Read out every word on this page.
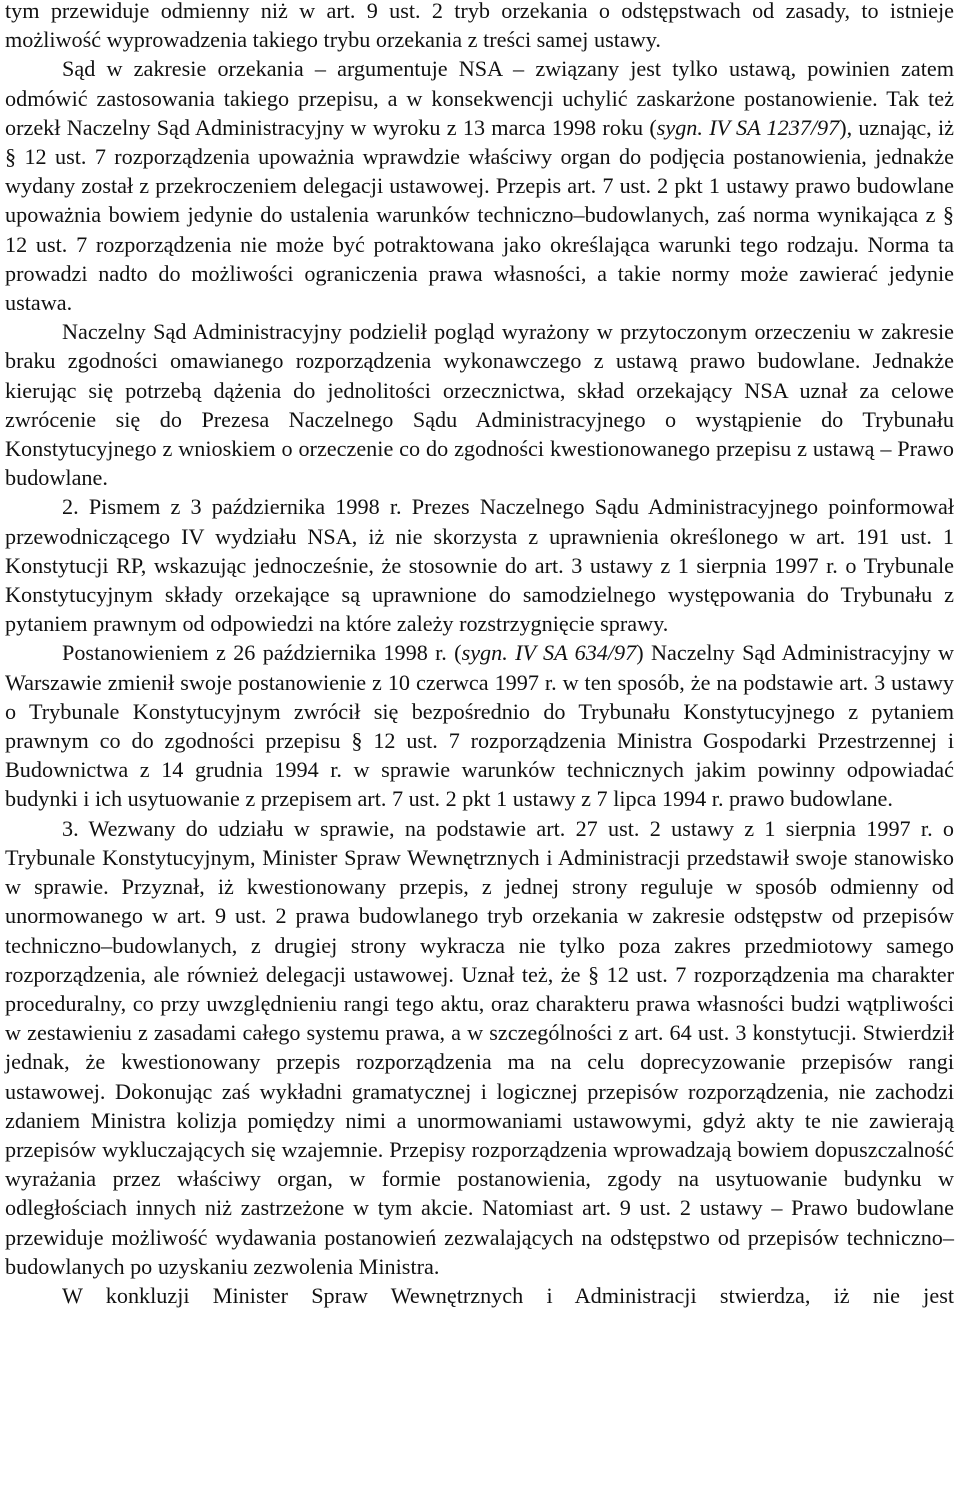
tym przewiduje odmienny niż w art. 9 ust. 2 tryb orzekania o odstępstwach od zasady, to istnieje możliwość wyprowadzenia takiego trybu orzekania z treści samej ustawy.

Sąd w zakresie orzekania – argumentuje NSA – związany jest tylko ustawą, powinien zatem odmówić zastosowania takiego przepisu, a w konsekwencji uchylić zaskarżone postanowienie. Tak też orzekł Naczelny Sąd Administracyjny w wyroku z 13 marca 1998 roku (sygn. IV SA 1237/97), uznając, iż § 12 ust. 7 rozporządzenia upoważnia wprawdzie właściwy organ do podjęcia postanowienia, jednakże wydany został z przekroczeniem delegacji ustawowej. Przepis art. 7 ust. 2 pkt 1 ustawy prawo budowlane upoważnia bowiem jedynie do ustalenia warunków techniczno–budowlanych, zaś norma wynikająca z § 12 ust. 7 rozporządzenia nie może być potraktowana jako określająca warunki tego rodzaju. Norma ta prowadzi nadto do możliwości ograniczenia prawa własności, a takie normy może zawierać jedynie ustawa.

Naczelny Sąd Administracyjny podzielił pogląd wyrażony w przytoczonym orzeczeniu w zakresie braku zgodności omawianego rozporządzenia wykonawczego z ustawą prawo budowlane. Jednakże kierując się potrzebą dążenia do jednolitości orzecznictwa, skład orzekający NSA uznał za celowe zwrócenie się do Prezesa Naczelnego Sądu Administracyjnego o wystąpienie do Trybunału Konstytucyjnego z wnioskiem o orzeczenie co do zgodności kwestionowanego przepisu z ustawą – Prawo budowlane.

2. Pismem z 3 października 1998 r. Prezes Naczelnego Sądu Administracyjnego poinformował przewodniczącego IV wydziału NSA, iż nie skorzysta z uprawnienia określonego w art. 191 ust. 1 Konstytucji RP, wskazując jednocześnie, że stosownie do art. 3 ustawy z 1 sierpnia 1997 r. o Trybunale Konstytucyjnym składy orzekające są uprawnione do samodzielnego występowania do Trybunału z pytaniem prawnym od odpowiedzi na które zależy rozstrzygnięcie sprawy.

Postanowieniem z 26 października 1998 r. (sygn. IV SA 634/97) Naczelny Sąd Administracyjny w Warszawie zmienił swoje postanowienie z 10 czerwca 1997 r. w ten sposób, że na podstawie art. 3 ustawy o Trybunale Konstytucyjnym zwrócił się bezpośrednio do Trybunału Konstytucyjnego z pytaniem prawnym co do zgodności przepisu § 12 ust. 7 rozporządzenia Ministra Gospodarki Przestrzennej i Budownictwa z 14 grudnia 1994 r. w sprawie warunków technicznych jakim powinny odpowiadać budynki i ich usytuowanie z przepisem art. 7 ust. 2 pkt 1 ustawy z 7 lipca 1994 r. prawo budowlane.

3. Wezwany do udziału w sprawie, na podstawie art. 27 ust. 2 ustawy z 1 sierpnia 1997 r. o Trybunale Konstytucyjnym, Minister Spraw Wewnętrznych i Administracji przedstawił swoje stanowisko w sprawie. Przyznał, iż kwestionowany przepis, z jednej strony reguluje w sposób odmienny od unormowanego w art. 9 ust. 2 prawa budowlanego tryb orzekania w zakresie odstępstw od przepisów techniczno–budowlanych, z drugiej strony wykracza nie tylko poza zakres przedmiotowy samego rozporządzenia, ale również delegacji ustawowej. Uznał też, że § 12 ust. 7 rozporządzenia ma charakter proceduralny, co przy uwzględnieniu rangi tego aktu, oraz charakteru prawa własności budzi wątpliwości w zestawieniu z zasadami całego systemu prawa, a w szczególności z art. 64 ust. 3 konstytucji. Stwierdził jednak, że kwestionowany przepis rozporządzenia ma na celu doprecyzowanie przepisów rangi ustawowej. Dokonując zaś wykładni gramatycznej i logicznej przepisów rozporządzenia, nie zachodzi zdaniem Ministra kolizja pomiędzy nimi a unormowaniami ustawowymi, gdyż akty te nie zawierają przepisów wykluczających się wzajemnie. Przepisy rozporządzenia wprowadzają bowiem dopuszczalność wyrażania przez właściwy organ, w formie postanowienia, zgody na usytuowanie budynku w odległościach innych niż zastrzeżone w tym akcie. Natomiast art. 9 ust. 2 ustawy – Prawo budowlane przewiduje możliwość wydawania postanowień zezwalających na odstępstwo od przepisów techniczno–budowlanych po uzyskaniu zezwolenia Ministra.

W konkluzji Minister Spraw Wewnętrznych i Administracji stwierdza, iż nie jest
